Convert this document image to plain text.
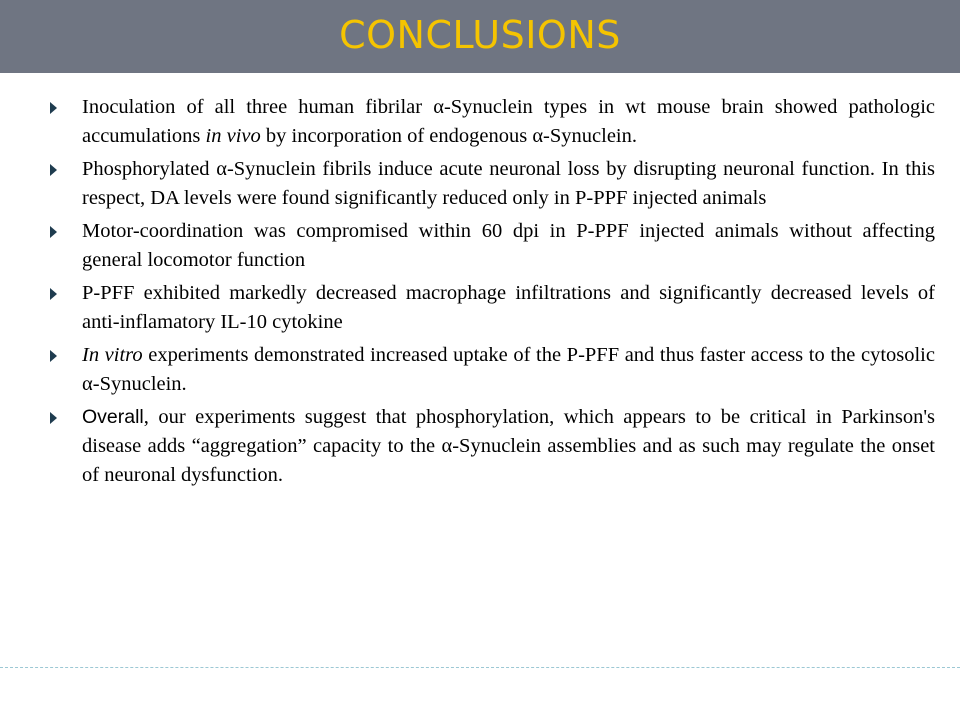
CONCLUSIONS
Inoculation of all three human fibrilar α-Synuclein types in wt mouse brain showed pathologic accumulations in vivo by incorporation of endogenous α-Synuclein.
Phosphorylated α-Synuclein fibrils induce acute neuronal loss by disrupting neuronal function. In this respect, DA levels were found significantly reduced only in P-PPF injected animals
Motor-coordination was compromised within 60 dpi in P-PPF injected animals without affecting general locomotor function
P-PFF exhibited markedly decreased macrophage infiltrations and significantly decreased levels of anti-inflamatory IL-10 cytokine
In vitro experiments demonstrated increased uptake of the P-PFF and thus faster access to the cytosolic α-Synuclein.
Overall, our experiments suggest that phosphorylation, which appears to be critical in Parkinson's disease adds “aggregation” capacity to the α-Synuclein assemblies and as such may regulate the onset of neuronal dysfunction.
